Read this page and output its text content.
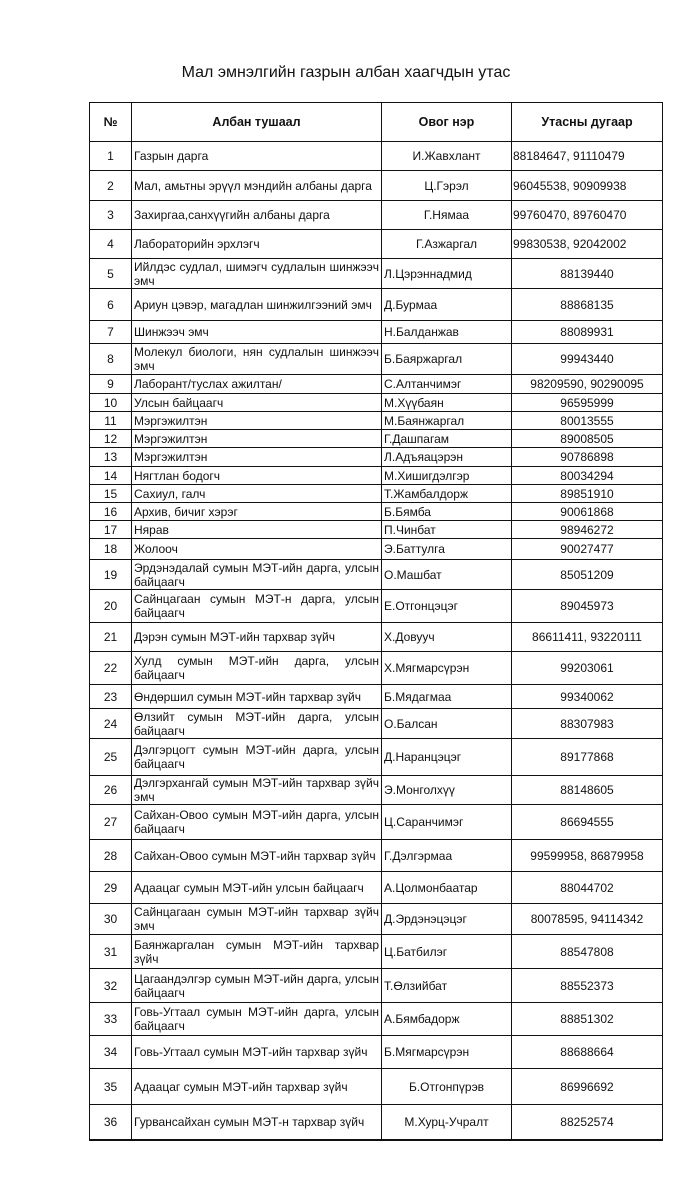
Мал эмнэлгийн газрын албан хаагчдын утас
№	Албан тушаал	Овог нэр	Утасны дугаар
1	Газрын дарга	И.Жавхлант	88184647, 91110479
2	Мал, амьтны эрүүл мэндийн албаны дарга	Ц.Гэрэл	96045538, 90909938
3	Захиргаа,санхүүгийн албаны дарга	Г.Нямаа	99760470, 89760470
4	Лабораторийн эрхлэгч	Г.Азжаргал	99830538, 92042002
5	Ийлдэс судлал, шимэгч судлалын шинжээч эмч	Л.Цэрэннадмид	88139440
6	Ариун цэвэр, магадлан шинжилгээний эмч	Д.Бурмаа	88868135
7	Шинжээч эмч	Н.Балданжав	88089931
8	Молекул биологи, нян судлалын шинжээч эмч	Б.Баяржаргал	99943440
9	Лаборант/туслах ажилтан/	С.Алтанчимэг	98209590, 90290095
10	Улсын байцаагч	М.Хүүбаян	96595999
11	Мэргэжилтэн	М.Баянжаргал	80013555
12	Мэргэжилтэн	Г.Дашпагам	89008505
13	Мэргэжилтэн	Л.Адъяацэрэн	90786898
14	Нягтлан бодогч	М.Хишигдэлгэр	80034294
15	Сахиул, галч	Т.Жамбалдорж	89851910
16	Архив, бичиг хэрэг	Б.Бямба	90061868
17	Нярав	П.Чинбат	98946272
18	Жолооч	Э.Баттулга	90027477
19	Эрдэнэдалай сумын МЭТ-ийн дарга, улсын байцаагч	О.Машбат	85051209
20	Сайнцагаан сумын МЭТ-н дарга, улсын байцаагч	Е.Отгонцэцэг	89045973
21	Дэрэн сумын МЭТ-ийн тархвар зүйч	Х.Довууч	86611411, 93220111
22	Хулд сумын МЭТ-ийн дарга, улсын байцаагч	Х.Мягмарсүрэн	99203061
23	Өндөршил сумын МЭТ-ийн тархвар зүйч	Б.Мядагмаа	99340062
24	Өлзийт сумын МЭТ-ийн дарга, улсын байцаагч	О.Балсан	88307983
25	Дэлгэрцогт сумын МЭТ-ийн дарга, улсын байцаагч	Д.Наранцэцэг	89177868
26	Дэлгэрхангай сумын МЭТ-ийн тархвар зүйч эмч	Э.Монголхүү	88148605
27	Сайхан-Овоо сумын МЭТ-ийн дарга, улсын байцаагч	Ц.Саранчимэг	86694555
28	Сайхан-Овоо сумын МЭТ-ийн тархвар зүйч	Г.Дэлгэрмаа	99599958, 86879958
29	Адаацаг сумын МЭТ-ийн улсын байцаагч	А.Цолмонбаатар	88044702
30	Сайнцагаан сумын МЭТ-ийн тархвар зүйч эмч	Д.Эрдэнэцэцэг	80078595, 94114342
31	Баянжаргалан сумын МЭТ-ийн тархвар зүйч	Ц.Батбилэг	88547808
32	Цагаандэлгэр сумын МЭТ-ийн дарга, улсын байцаагч	Т.Өлзийбат	88552373
33	Говь-Угтаал сумын МЭТ-ийн дарга, улсын байцаагч	А.Бямбадорж	88851302
34	Говь-Угтаал сумын МЭТ-ийн тархвар зүйч	Б.Мягмарсүрэн	88688664
35	Адаацаг сумын МЭТ-ийн тархвар зүйч	Б.Отгонпүрэв	86996692
36	Гурвансайхан сумын МЭТ-н тархвар зүйч	М.Хурц-Учралт	88252574
